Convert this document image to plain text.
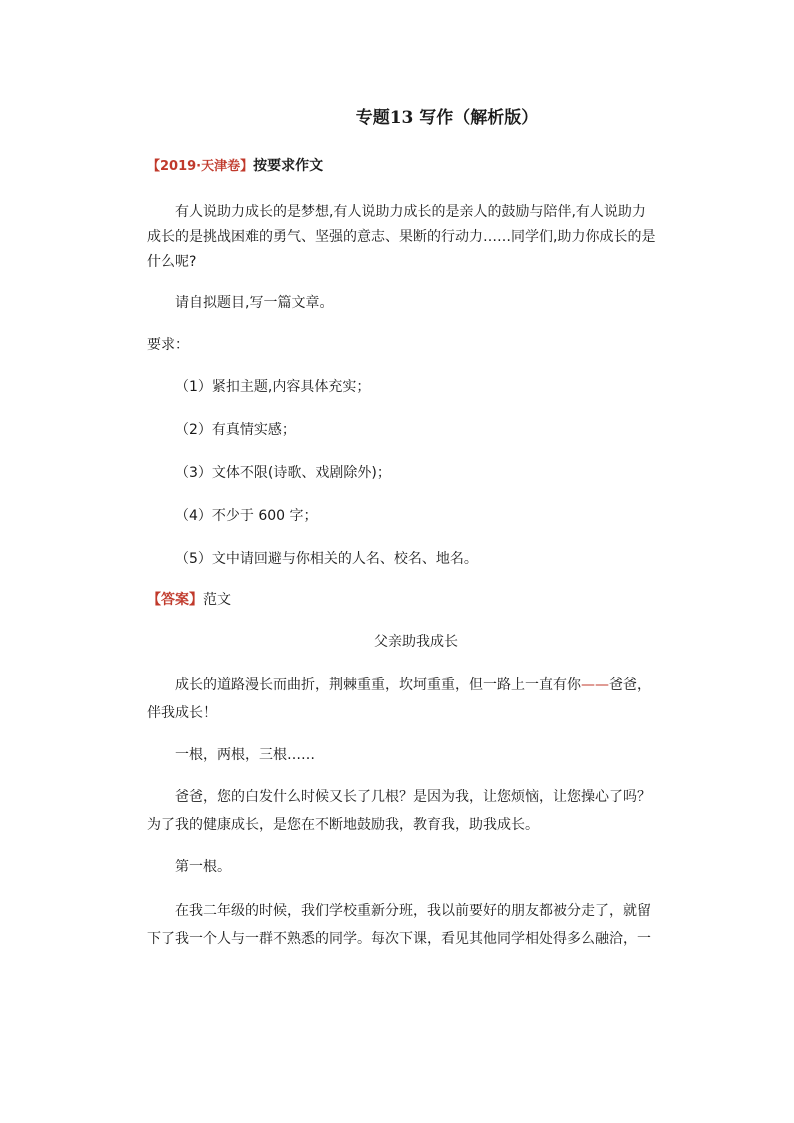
专题13 写作（解析版）

【2019·天津卷】按要求作文

有人说助力成长的是梦想,有人说助力成长的是亲人的鼓励与陪伴,有人说助力成长的是挑战困难的勇气、坚强的意志、果断的行动力……同学们,助力你成长的是什么呢?

请自拟题目,写一篇文章。

要求：

（1）紧扣主题,内容具体充实；

（2）有真情实感；

（3）文体不限(诗歌、戏剧除外)；

（4）不少于 600 字；

（5）文中请回避与你相关的人名、校名、地名。

【答案】范文

父亲助我成长

成长的道路漫长而曲折，荆棘重重，坎坷重重，但一路上一直有你——爸爸，伴我成长！

一根，两根，三根……

爸爸，您的白发什么时候又长了几根？是因为我，让您烦恼，让您操心了吗？为了我的健康成长，是您在不断地鼓励我，教育我，助我成长。

第一根。

在我二年级的时候，我们学校重新分班，我以前要好的朋友都被分走了，就留下了我一个人与一群不熟悉的同学。每次下课，看见其他同学相处得多么融洽，一
